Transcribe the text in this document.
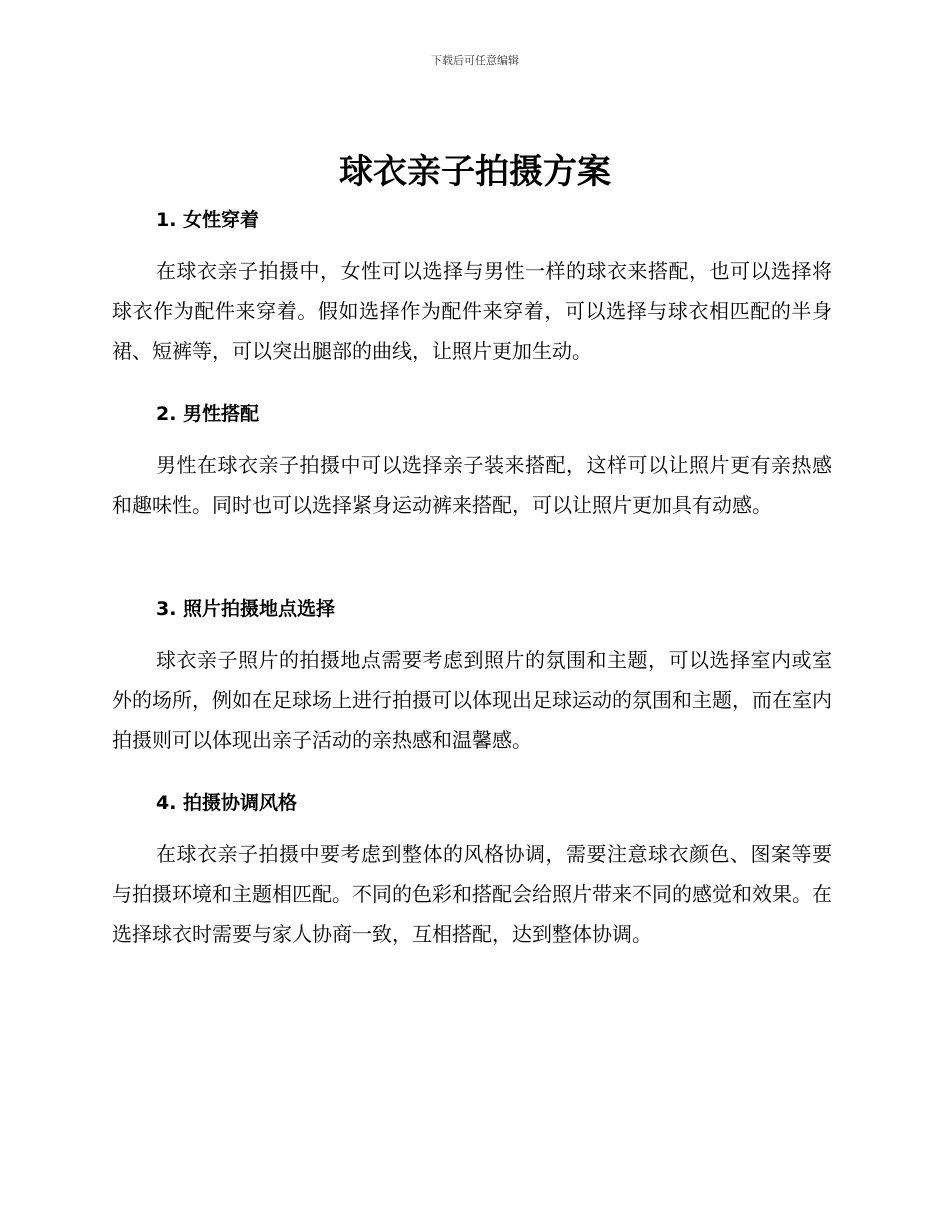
下载后可任意编辑
球衣亲子拍摄方案
1. 女性穿着

在球衣亲子拍摄中，女性可以选择与男性一样的球衣来搭配，也可以选择将球衣作为配件来穿着。假如选择作为配件来穿着，可以选择与球衣相匹配的半身裙、短裤等，可以突出腿部的曲线，让照片更加生动。

2. 男性搭配

男性在球衣亲子拍摄中可以选择亲子装来搭配，这样可以让照片更有亲热感和趣味性。同时也可以选择紧身运动裤来搭配，可以让照片更加具有动感。

3. 照片拍摄地点选择

球衣亲子照片的拍摄地点需要考虑到照片的氛围和主题，可以选择室内或室外的场所，例如在足球场上进行拍摄可以体现出足球运动的氛围和主题，而在室内拍摄则可以体现出亲子活动的亲热感和温馨感。

4. 拍摄协调风格

在球衣亲子拍摄中要考虑到整体的风格协调，需要注意球衣颜色、图案等要与拍摄环境和主题相匹配。不同的色彩和搭配会给照片带来不同的感觉和效果。在选择球衣时需要与家人协商一致，互相搭配，达到整体协调。
